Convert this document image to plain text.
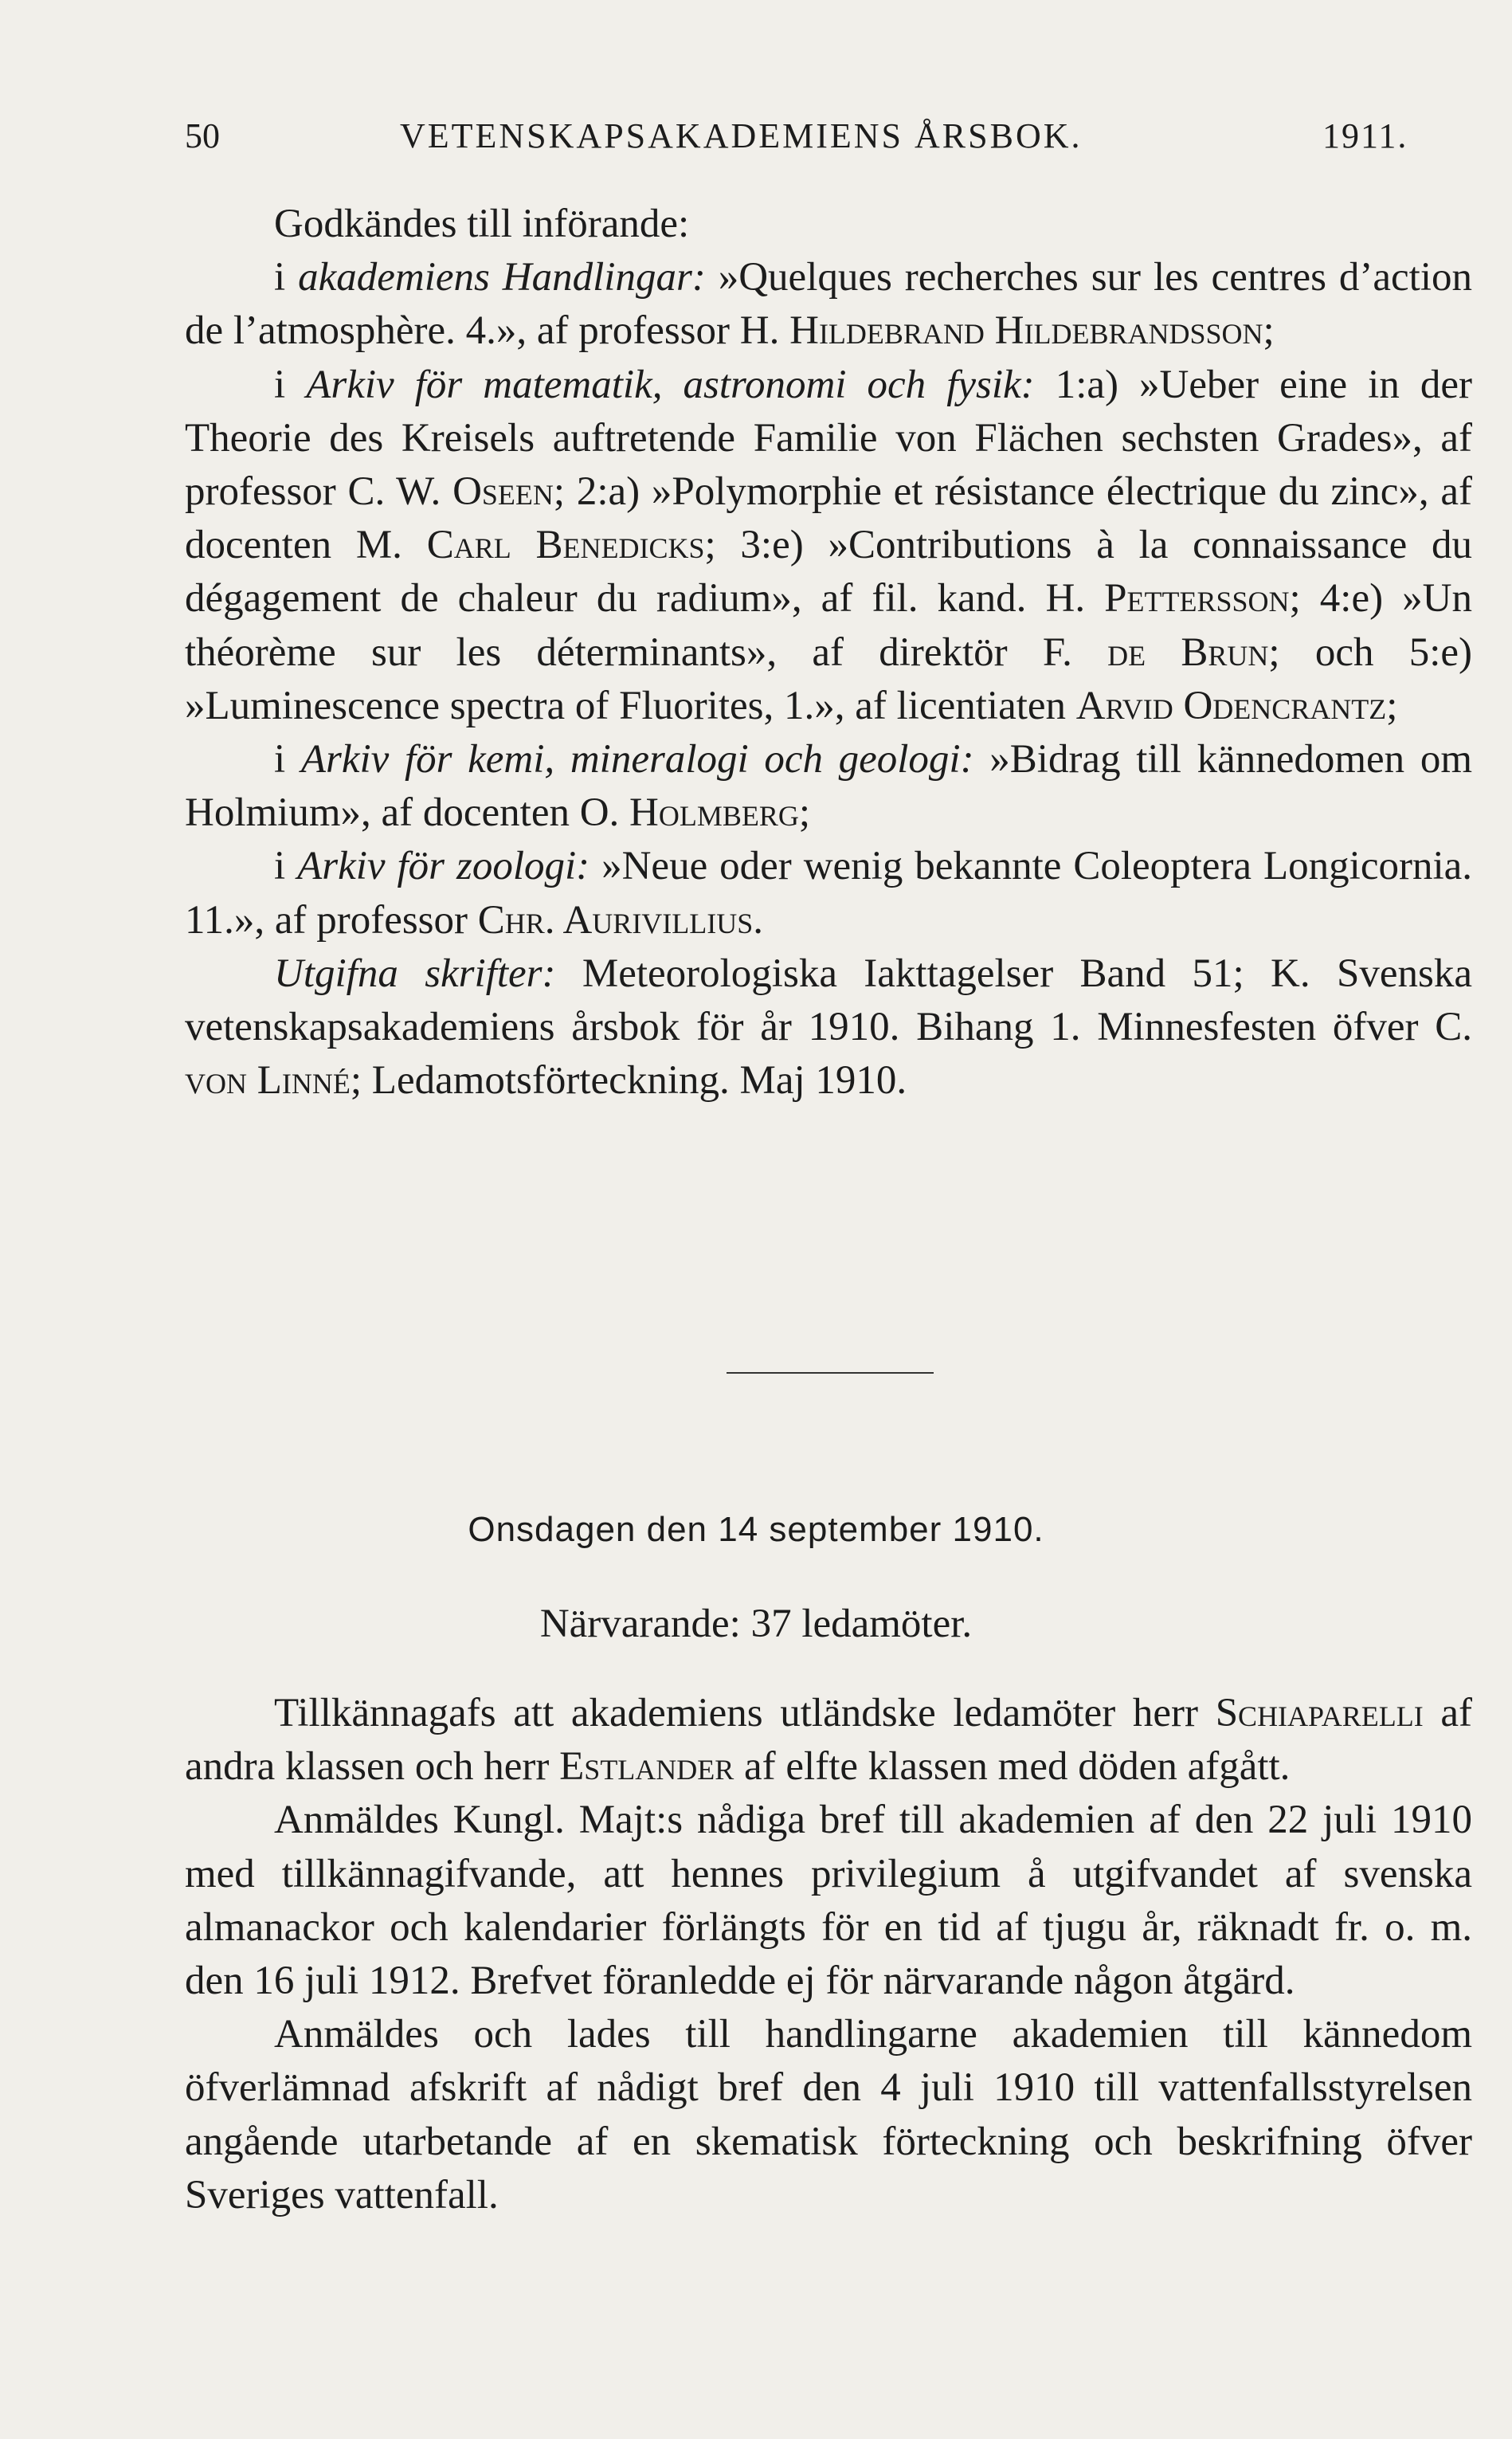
50	VETENSKAPSAKADEMIENS ÅRSBOK.	1911.

Godkändes till införande:

i akademiens Handlingar: »Quelques recherches sur les centres d’action de l’atmosphère. 4.», af professor H. Hildebrand Hildebrandsson;

i Arkiv för matematik, astronomi och fysik: 1:a) »Ueber eine in der Theorie des Kreisels auftretende Familie von Flächen sechsten Grades», af professor C. W. Oseen; 2:a) »Polymorphie et résistance électrique du zinc», af docenten M. Carl Benedicks; 3:e) »Contributions à la connaissance du dégagement de chaleur du radium», af fil. kand. H. Pettersson; 4:e) »Un théorème sur les déterminants», af direktör F. de Brun; och 5:e) »Luminescence spectra of Fluorites, 1.», af licentiaten Arvid Odencrantz;

i Arkiv för kemi, mineralogi och geologi: »Bidrag till kännedomen om Holmium», af docenten O. Holmberg;

i Arkiv för zoologi: »Neue oder wenig bekannte Coleoptera Longicornia. 11.», af professor Chr. Aurivillius.

Utgifna skrifter: Meteorologiska Iakttagelser Band 51; K. Svenska vetenskapsakademiens årsbok för år 1910. Bihang 1. Minnesfesten öfver C. von Linné; Ledamotsförteckning. Maj 1910.

Onsdagen den 14 september 1910.
Närvarande: 37 ledamöter.

Tillkännagafs att akademiens utländske ledamöter herr Schiaparelli af andra klassen och herr Estlander af elfte klassen med döden afgått.

Anmäldes Kungl. Majt:s nådiga bref till akademien af den 22 juli 1910 med tillkännagifvande, att hennes privilegium å utgifvandet af svenska almanackor och kalendarier förlängts för en tid af tjugu år, räknadt fr. o. m. den 16 juli 1912. Brefvet föranledde ej för närvarande någon åtgärd.

Anmäldes och lades till handlingarne akademien till kännedom öfverlämnad afskrift af nådigt bref den 4 juli 1910 till vattenfallsstyrelsen angående utarbetande af en skematisk förteckning och beskrifning öfver Sveriges vattenfall.
